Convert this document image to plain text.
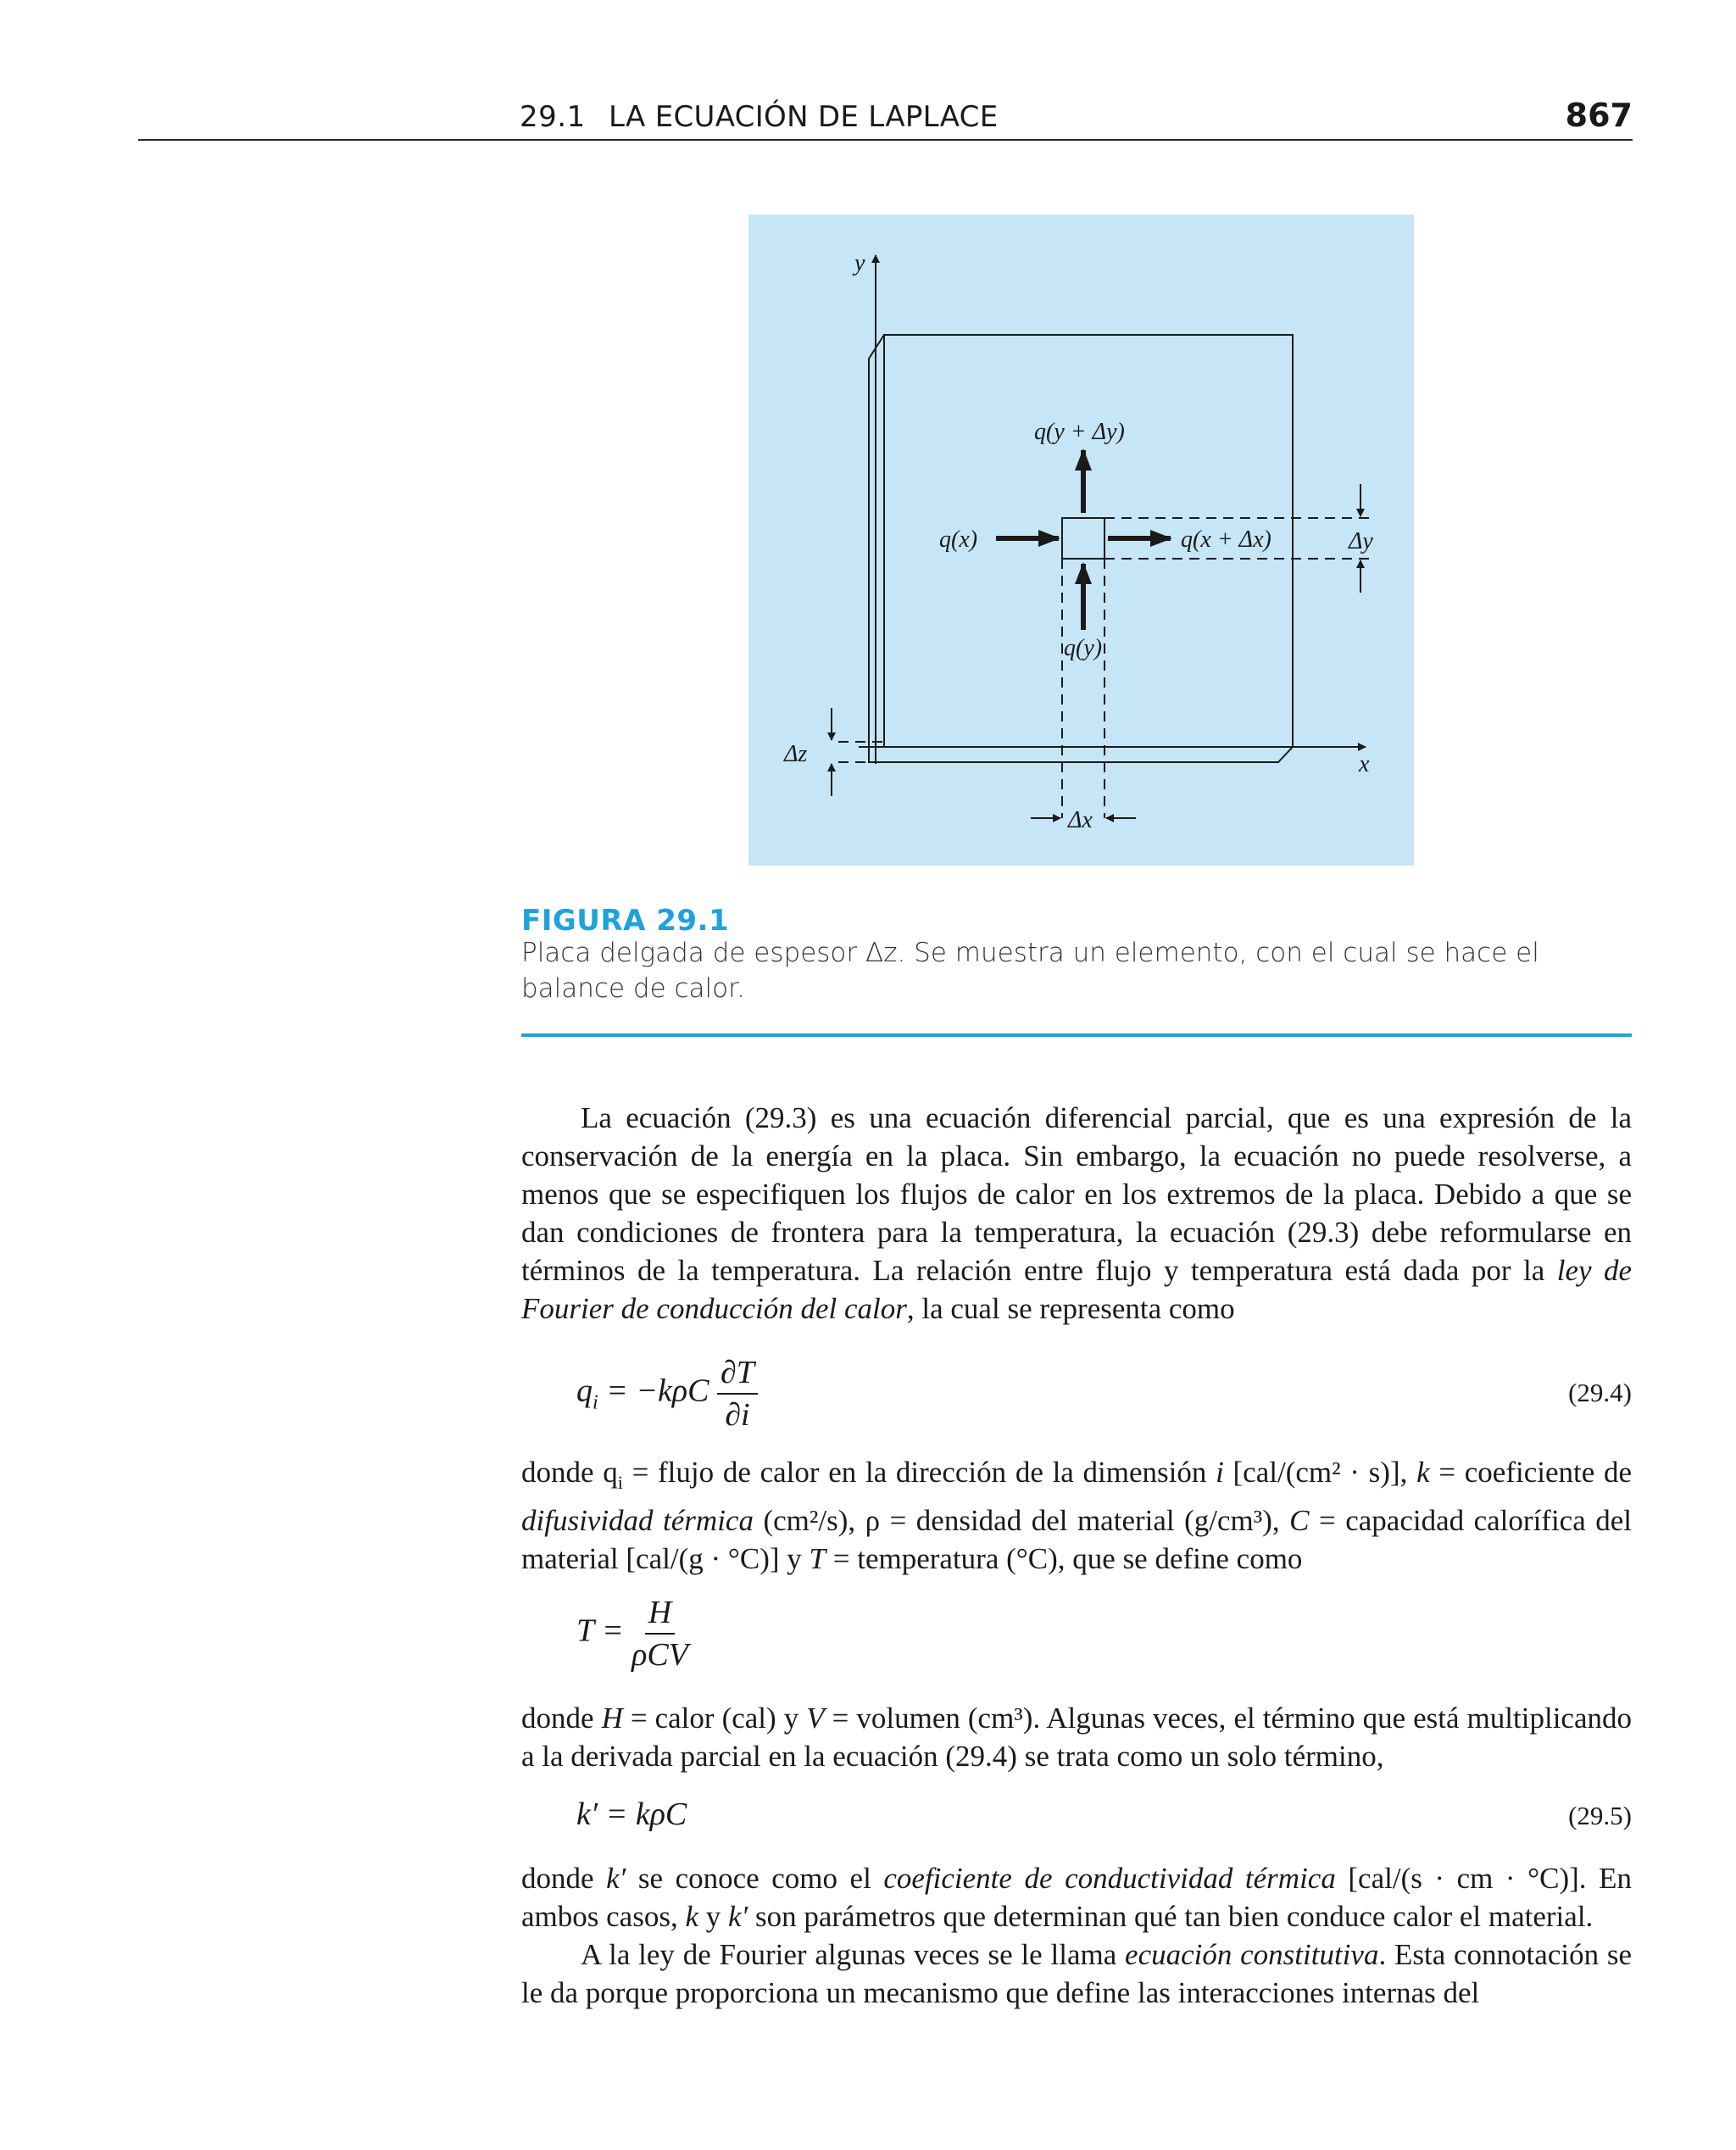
29.1 LA ECUACIÓN DE LAPLACE	867
y
x
q(y + Δy)
q(x)	q(x + Δx)
q(y)
Δy
Δz
Δx
FIGURA 29.1
Placa delgada de espesor Δz. Se muestra un elemento, con el cual se hace el balance de calor.
La ecuación (29.3) es una ecuación diferencial parcial, que es una expresión de la conservación de la energía en la placa. Sin embargo, la ecuación no puede resolverse, a menos que se especifiquen los flujos de calor en los extremos de la placa. Debido a que se dan condiciones de frontera para la temperatura, la ecuación (29.3) debe reformularse en términos de la temperatura. La relación entre flujo y temperatura está dada por la ley de Fourier de conducción del calor, la cual se representa como
$q_i = -k\rho C \frac{\partial T}{\partial i}$	(29.4)
donde $q_i$ = flujo de calor en la dirección de la dimensión i [cal/(cm² · s)], k = coeficiente de difusividad térmica (cm²/s), ρ = densidad del material (g/cm³), C = capacidad calorífica del material [cal/(g · °C)] y T = temperatura (°C), que se define como
$T = \frac{H}{\text{ρCV}}$
donde H = calor (cal) y V = volumen (cm³). Algunas veces, el término que está multiplicando a la derivada parcial en la ecuación (29.4) se trata como un solo término,
k′ = kρC	(29.5)
donde k′ se conoce como el coeficiente de conductividad térmica [cal/(s · cm · °C)]. En ambos casos, k y k′ son parámetros que determinan qué tan bien conduce calor el material.
A la ley de Fourier algunas veces se le llama ecuación constitutiva. Esta connotación se le da porque proporciona un mecanismo que define las interacciones internas del
